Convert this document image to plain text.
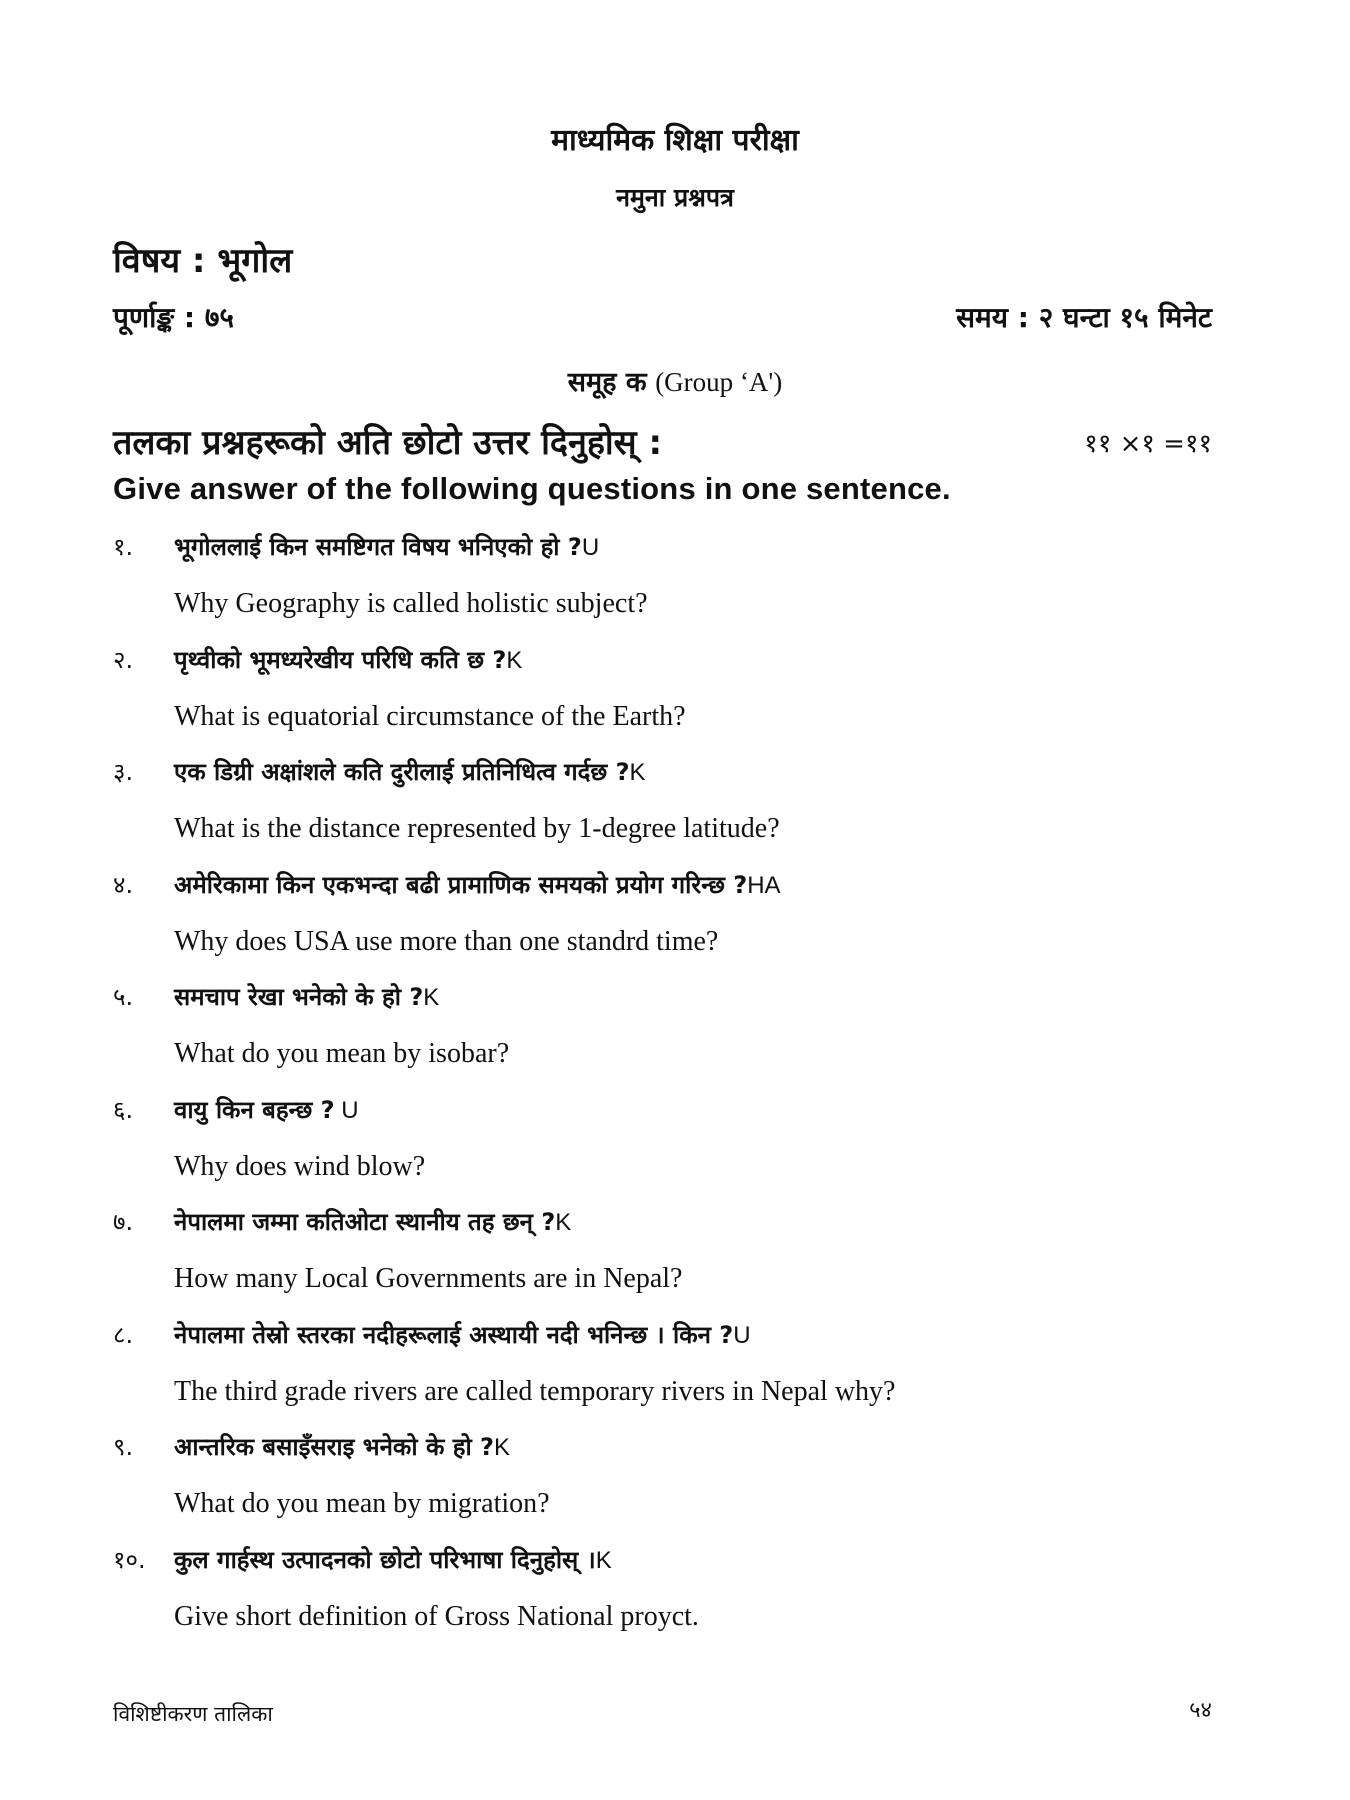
माध्यमिक शिक्षा परीक्षा
नमुना प्रश्नपत्र
विषय : भूगोल
पूर्णाङ्क : ७५	समय : २ घन्टा १५ मिनेट
समूह क (Group ‘A')
तलका प्रश्नहरूको अति छोटो उत्तर दिनुहोस् :	११ ×१ =११
Give answer of the following questions in one sentence.
१. भूगोललाई किन समष्टिगत विषय भनिएको हो ?U
Why Geography is called holistic subject?
२. पृथ्वीको भूमध्यरेखीय परिधि कति छ ?K
What is equatorial circumstance of the Earth?
३. एक डिग्री अक्षांशले कति दुरीलाई प्रतिनिधित्व गर्दछ ?K
What is the distance represented by 1-degree latitude?
४. अमेरिकामा किन एकभन्दा बढी प्रामाणिक समयको प्रयोग गरिन्छ ?HA
Why does USA use more than one standrd time?
५. समचाप रेखा भनेको के हो ?K
What do you mean by isobar?
६. वायु किन बहन्छ ? U
Why does wind blow?
७. नेपालमा जम्मा कतिओटा स्थानीय तह छन् ?K
How many Local Governments are in Nepal?
८. नेपालमा तेस्रो स्तरका नदीहरूलाई अस्थायी नदी भनिन्छ । किन ?U
The third grade rivers are called temporary rivers in Nepal why?
९. आन्तरिक बसाइँसराइ भनेको के हो ?K
What do you mean by migration?
१०. कुल गार्हस्थ उत्पादनको छोटो परिभाषा दिनुहोस् ।K
Give short definition of Gross National proуct.
विशिष्टीकरण तालिका	५४
